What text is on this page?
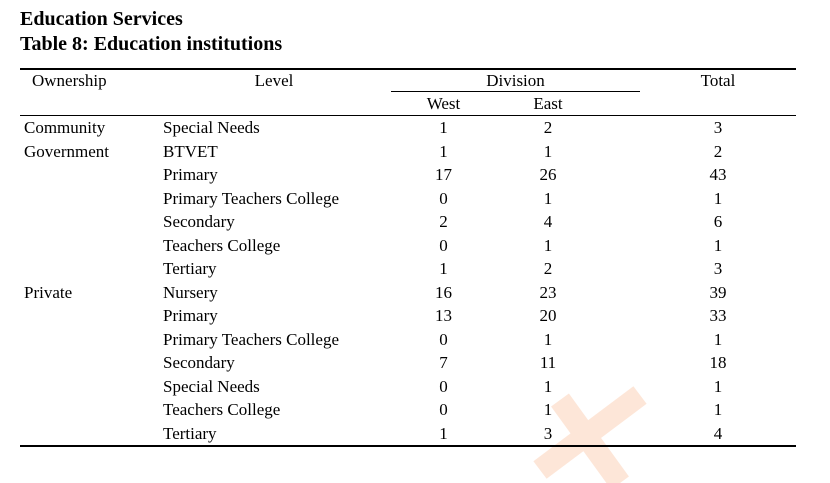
Education Services
Table 8: Education institutions
Ownership	Level	Division			Total
		West	East		
Community	Special Needs	1	2		3
Government	BTVET	1	1		2
	Primary	17	26		43
	Primary Teachers College	0	1		1
	Secondary	2	4		6
	Teachers College	0	1		1
	Tertiary	1	2		3
Private	Nursery	16	23		39
	Primary	13	20		33
	Primary Teachers College	0	1		1
	Secondary	7	11		18
	Special Needs	0	1		1
	Teachers College	0	1		1
	Tertiary	1	3		4
